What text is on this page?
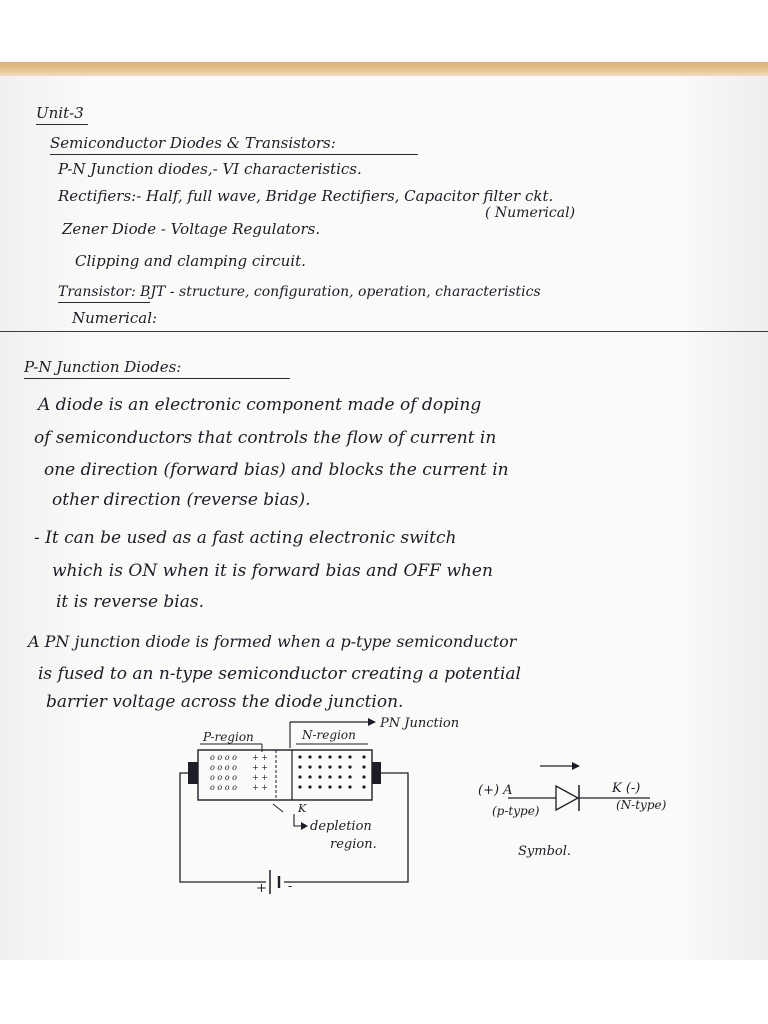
Unit-3
Semiconductor Diodes & Transistors:
P-N Junction diodes,- VI characteristics.
Rectifiers:- Half, full wave, Bridge Rectifiers, Capacitor filter ckt.
( Numerical)
Zener Diode - Voltage Regulators.
Clipping and clamping circuit.
Transistor: BJT - structure, configuration, operation, characteristics
Numerical:
P-N Junction Diodes:
A diode is an electronic component made of doping
of semiconductors that controls the flow of current in
one direction (forward bias) and blocks the current in
other direction (reverse bias).
- It can be used as a fast acting electronic switch
which is ON when it is forward bias and OFF when
it is reverse bias.
A PN junction diode is formed when a p-type semiconductor
is fused to an n-type semiconductor creating a potential
barrier voltage across the diode junction.
PN Junction
P-region	N-region
o o o o
o o o o
o o o o
o o o o
+ +
+ +
+ +
+ +
+ -
K
depletion
region.
(+) A
(p-type)
K (-)
(N-type)
Symbol.
